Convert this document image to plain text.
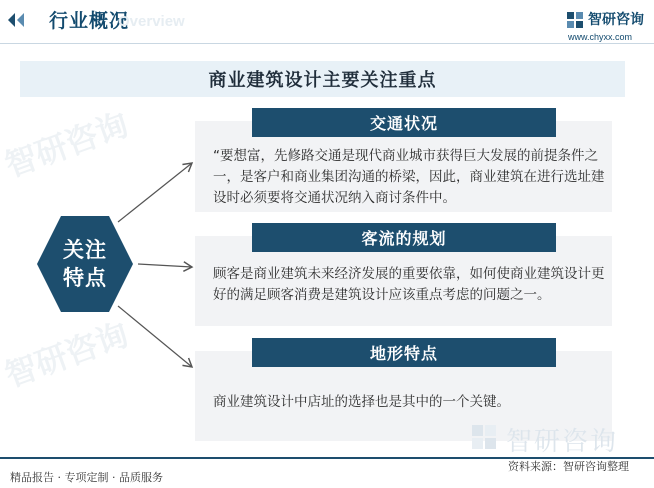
行业概况
Overview	智研咨询
www.chyxx.com
智研咨询
智研咨询
商业建筑设计主要关注重点
关注
特点
交通状况
客流的规划
地形特点
“要想富，先修路交通是现代商业城市获得巨大发展的前提条件之一，是客户和商业集团沟通的桥梁，因此，商业建筑在进行选址建设时必须要将交通状况纳入商讨条件中。
顾客是商业建筑未来经济发展的重要依靠，如何使商业建筑设计更好的满足顾客消费是建筑设计应该重点考虑的问题之一。
商业建筑设计中店址的选择也是其中的一个关键。
智研咨询
资料来源：智研咨询整理
精品报告 · 专项定制 · 品质服务
